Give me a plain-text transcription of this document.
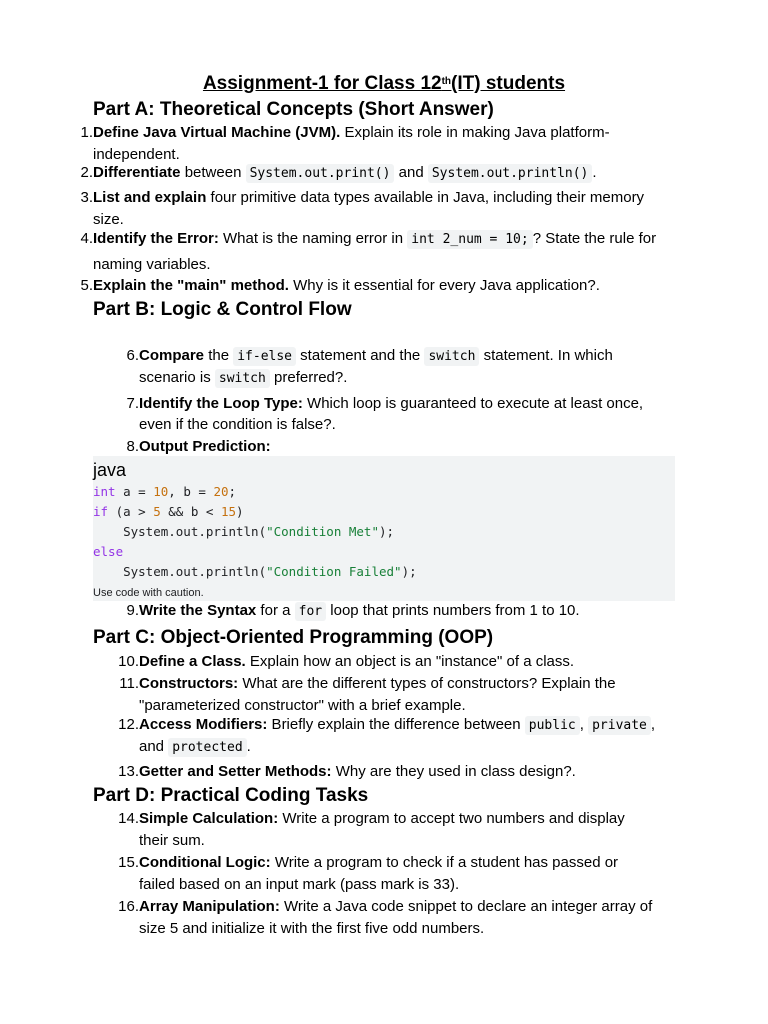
Assignment-1 for Class 12th(IT) students
Part A: Theoretical Concepts (Short Answer)
1. Define Java Virtual Machine (JVM). Explain its role in making Java platform-
independent.
2. Differentiate between System.out.print() and System.out.println() .
3. List and explain four primitive data types available in Java, including their memory
size.
4. Identify the Error: What is the naming error in int 2_num = 10; ? State the rule for
naming variables.
5. Explain the "main" method. Why is it essential for every Java application?.
Part B: Logic & Control Flow
6. Compare the if-else statement and the switch statement. In which
scenario is switch preferred?.
7. Identify the Loop Type: Which loop is guaranteed to execute at least once,
even if the condition is false?.
8. Output Prediction:
java
int a = 10, b = 20;
if (a > 5 && b < 15)
System.out.println("Condition Met");
else
System.out.println("Condition Failed");
Use code with caution.
9. Write the Syntax for a for loop that prints numbers from 1 to 10.
Part C: Object-Oriented Programming (OOP)
10. Define a Class. Explain how an object is an "instance" of a class.
11. Constructors: What are the different types of constructors? Explain the
"parameterized constructor" with a brief example.
12. Access Modifiers: Briefly explain the difference between public , private ,
and protected .
13. Getter and Setter Methods: Why are they used in class design?.
Part D: Practical Coding Tasks
14. Simple Calculation: Write a program to accept two numbers and display
their sum.
15. Conditional Logic: Write a program to check if a student has passed or
failed based on an input mark (pass mark is 33).
16. Array Manipulation: Write a Java code snippet to declare an integer array of
size 5 and initialize it with the first five odd numbers.
